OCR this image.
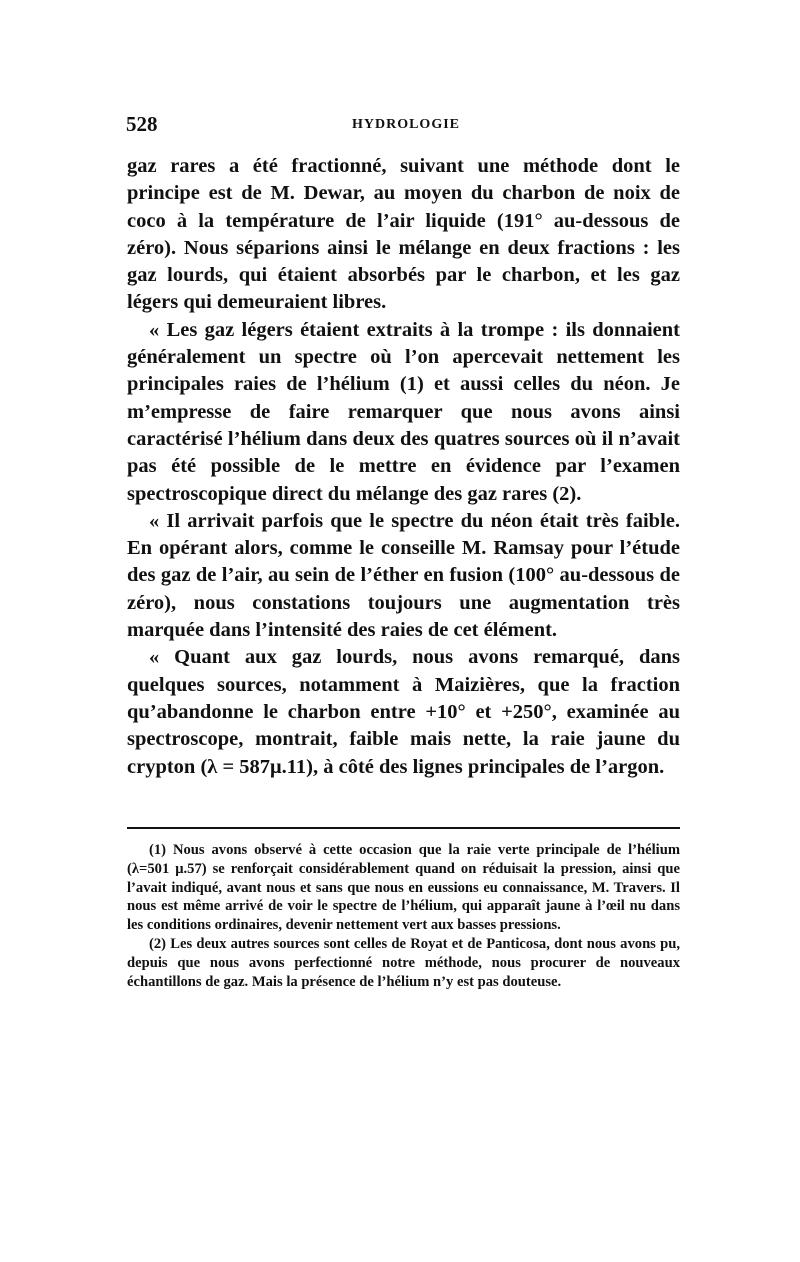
528	HYDROLOGIE

gaz rares a été fractionné, suivant une méthode dont le principe est de M. Dewar, au moyen du charbon de noix de coco à la température de l’air liquide (191° au-dessous de zéro). Nous séparions ainsi le mélange en deux fractions : les gaz lourds, qui étaient absorbés par le charbon, et les gaz légers qui demeuraient libres.

« Les gaz légers étaient extraits à la trompe : ils donnaient généralement un spectre où l’on apercevait nettement les principales raies de l’hélium (1) et aussi celles du néon. Je m’empresse de faire remarquer que nous avons ainsi caractérisé l’hélium dans deux des quatres sources où il n’avait pas été possible de le mettre en évidence par l’examen spectroscopique direct du mélange des gaz rares (2).

« Il arrivait parfois que le spectre du néon était très faible. En opérant alors, comme le conseille M. Ramsay pour l’étude des gaz de l’air, au sein de l’éther en fusion (100° au-dessous de zéro), nous constations toujours une augmentation très marquée dans l’intensité des raies de cet élément.

« Quant aux gaz lourds, nous avons remarqué, dans quelques sources, notamment à Maizières, que la fraction qu’abandonne le charbon entre +10° et +250°, examinée au spectroscope, montrait, faible mais nette, la raie jaune du crypton (λ = 587μ.11), à côté des lignes principales de l’argon.

(1) Nous avons observé à cette occasion que la raie verte principale de l’hélium (λ=501 μ.57) se renforçait considérablement quand on réduisait la pression, ainsi que l’avait indiqué, avant nous et sans que nous en eussions eu connaissance, M. Travers. Il nous est même arrivé de voir le spectre de l’hélium, qui apparaît jaune à l’œil nu dans les conditions ordinaires, devenir nettement vert aux basses pressions.

(2) Les deux autres sources sont celles de Royat et de Panticosa, dont nous avons pu, depuis que nous avons perfectionné notre méthode, nous procurer de nouveaux échantillons de gaz. Mais la présence de l’hélium n’y est pas douteuse.
